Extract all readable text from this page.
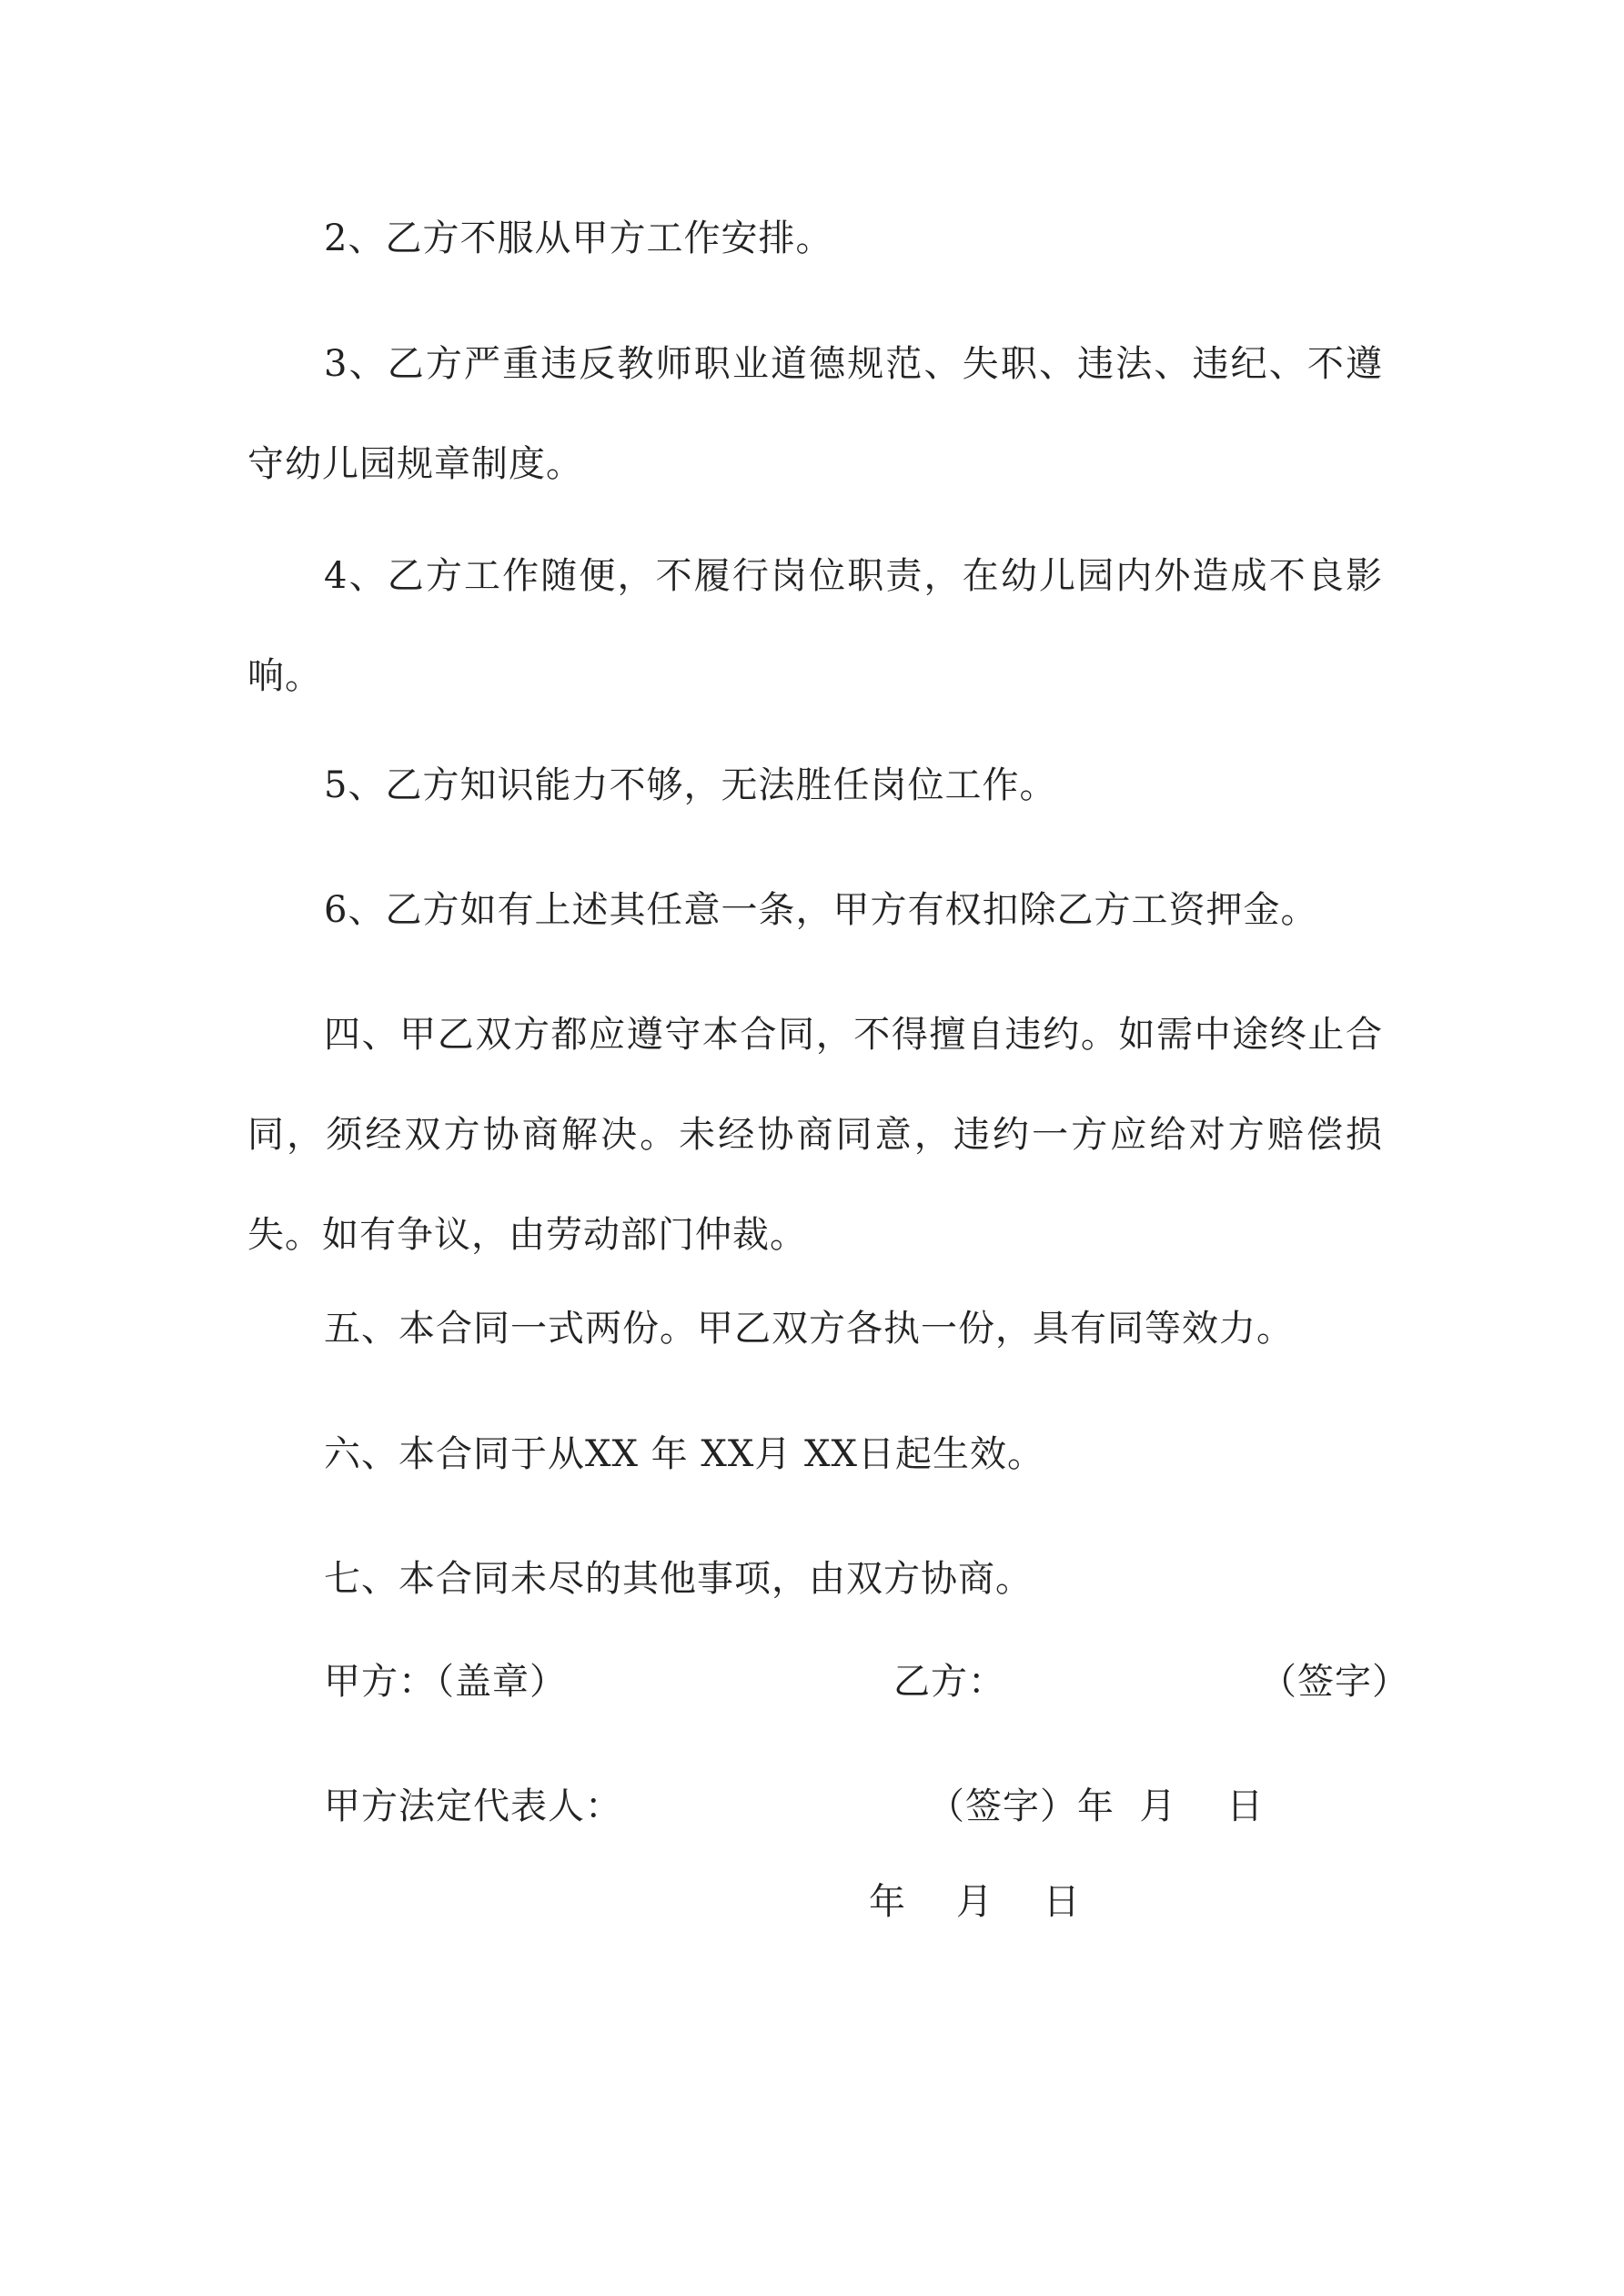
2、乙方不服从甲方工作安排。
3、乙方严重违反教师职业道德规范、失职、违法、违纪、不遵守幼儿园规章制度。
4、乙方工作随便，不履行岗位职责，在幼儿园内外造成不良影响。
5、乙方知识能力不够，无法胜任岗位工作。
6、乙方如有上述其任意一条，甲方有权扣除乙方工资押金。
四、甲乙双方都应遵守本合同，不得擅自违约。如需中途终止合同，须经双方协商解决。未经协商同意，违约一方应给对方赔偿损失。如有争议，由劳动部门仲裁。
五、本合同一式两份。甲乙双方各执一份，具有同等效力。
六、本合同于从XX 年 XX月 XX日起生效。
七、本合同未尽的其他事项，由双方协商。
甲方：（盖章）	乙方：	（签字）
甲方法定代表人：	（签字）年  月    日
年    月    日
